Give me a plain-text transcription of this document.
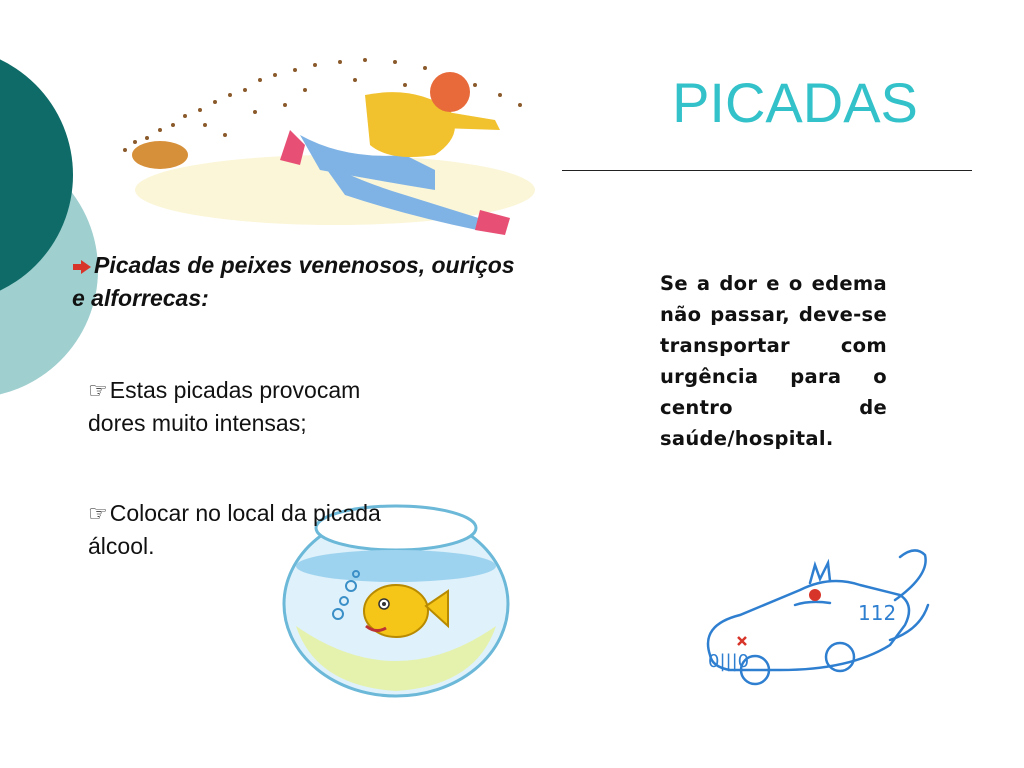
PICADAS
Picadas de peixes venenosos, ouriços e alforrecas:
☞Estas picadas provocam dores muito intensas;
☞Colocar no local da picada álcool.
Se a dor e o edema não passar, deve-se transportar com urgência para o centro de saúde/hospital.
112
0|||0
